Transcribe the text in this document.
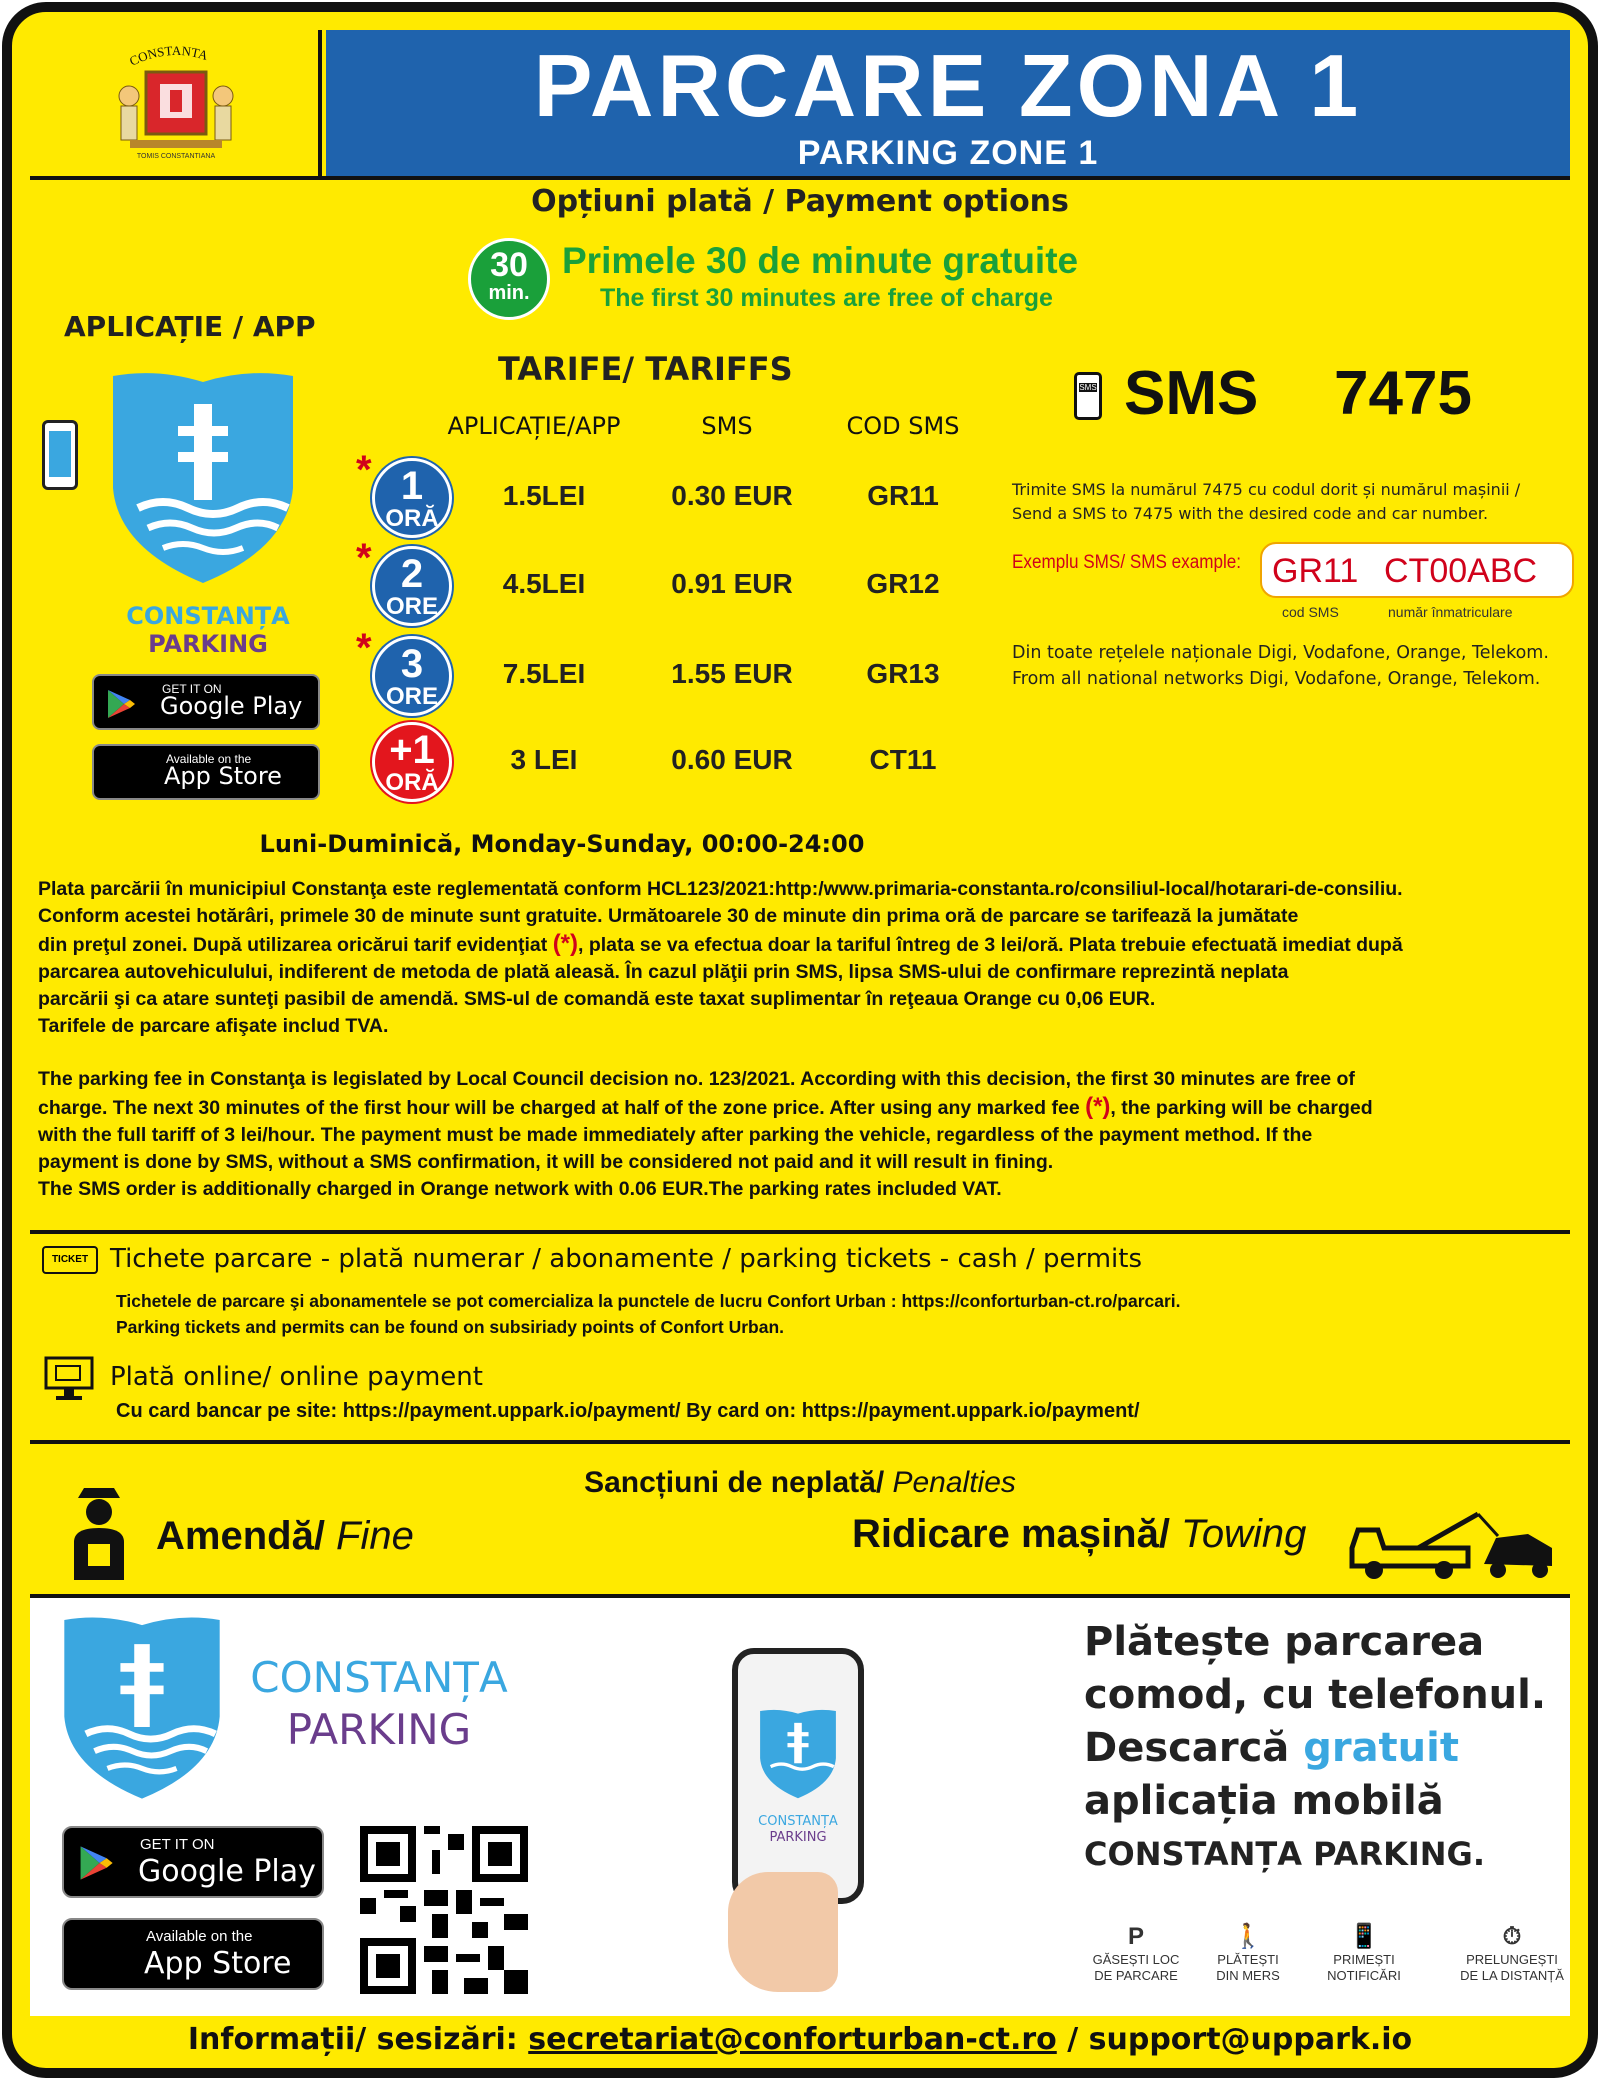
CONSTANTA
TOMIS CONSTANTIANA
PARCARE ZONA 1
PARKING ZONE 1
Opțiuni plată / Payment options
30
min.
Primele 30 de minute gratuite
The first 30 minutes are free of charge
APLICAȚIE / APP
CONSTANȚA
PARKING
GET IT ON
Google Play
Available on the
App Store
TARIFE/ TARIFFS
APLICAȚIE/APP	SMS	COD SMS
* 1
ORĂ
1.5LEI	0.30 EUR	GR11
* 2
ORE
4.5LEI	0.91 EUR	GR12
* 3
ORE
7.5LEI	1.55 EUR	GR13
+1
ORĂ
3 LEI	0.60 EUR	CT11
Luni-Duminică, Monday-Sunday, 00:00-24:00
SMS SMS 7475
Trimite SMS la numărul 7475 cu codul dorit și numărul mașinii /
Send a SMS to 7475 with the desired code and car number.
Exemplu SMS/ SMS example: GR11 CT00ABC
cod SMS	număr înmatriculare
Din toate rețelele naționale Digi, Vodafone, Orange, Telekom.
From all national networks Digi, Vodafone, Orange, Telekom.
Plata parcării în municipiul Constanţa este reglementată conform HCL123/2021:http:/www.primaria-constanta.ro/consiliul-local/hotarari-de-consiliu.
Conform acestei hotărâri, primele 30 de minute sunt gratuite. Următoarele 30 de minute din prima oră de parcare se tarifează la jumătate
din preţul zonei. După utilizarea oricărui tarif evidenţiat (*), plata se va efectua doar la tariful întreg de 3 lei/oră. Plata trebuie efectuată imediat după
parcarea autovehiculului, indiferent de metoda de plată aleasă. În cazul plăţii prin SMS, lipsa SMS-ului de confirmare reprezintă neplata
parcării şi ca atare sunteţi pasibil de amendă. SMS-ul de comandă este taxat suplimentar în reţeaua Orange cu 0,06 EUR.
Tarifele de parcare afişate includ TVA.
The parking fee in Constanţa is legislated by Local Council decision no. 123/2021. According with this decision, the first 30 minutes are free of
charge. The next 30 minutes of the first hour will be charged at half of the zone price. After using any marked fee (*), the parking will be charged
with the full tariff of 3 lei/hour. The payment must be made immediately after parking the vehicle, regardless of the payment method. If the
payment is done by SMS, without a SMS confirmation, it will be considered not paid and it will result in fining.
The SMS order is additionally charged in Orange network with 0.06 EUR.The parking rates included VAT.
TICKET Tichete parcare - plată numerar / abonamente / parking tickets - cash / permits
Tichetele de parcare şi abonamentele se pot comercializa la punctele de lucru Confort Urban : https://conforturban-ct.ro/parcari.
Parking tickets and permits can be found on subsiriady points of Confort Urban.
Plată online/ online payment
Cu card bancar pe site: https://payment.uppark.io/payment/ By card on: https://payment.uppark.io/payment/
Sancțiuni de neplată/ Penalties
Amendă/ Fine	Ridicare mașină/ Towing
CONSTANȚA
PARKING
GET IT ON
Google Play
Available on the
App Store
CONSTANȚA
PARKING
Plătește parcarea
comod, cu telefonul.
Descarcă gratuit
aplicația mobilă
CONSTANȚA PARKING.
P
GĂSEȘTI LOC
DE PARCARE
🚶
PLĂTEȘTI
DIN MERS
📱
PRIMEȘTI
NOTIFICĂRI
⏱
PRELUNGEȘTI
DE LA DISTANȚĂ
Informații/ sesizări: secretariat@conforturban-ct.ro / support@uppark.io
